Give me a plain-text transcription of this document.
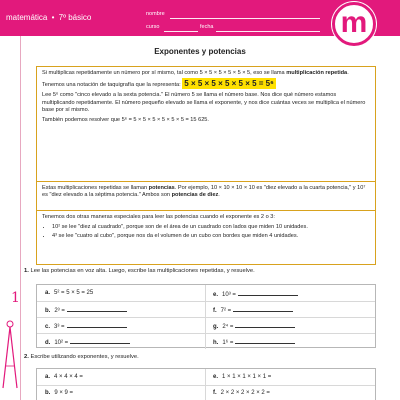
matemática • 7º básico	nombre
curso	fecha	m
Exponentes y potencias

Si multiplicas repetidamente un número por sí mismo, tal como 5 × 5 × 5 × 5 × 5 × 5, eso se llama multiplicación repetida.

Tenemos una notación de taquigrafía que la representa: 5 × 5 × 5 × 5 × 5 × 5 = 5⁶

Lee 5⁶ como "cinco elevado a la sexta potencia." El número 5 se llama el número base. Nos dice qué número estamos multiplicando repetidamente. El número pequeño elevado se llama el exponente, y nos dice cuántas veces se multiplica el número base por sí mismo.

También podemos resolver que 5⁶ = 5 × 5 × 5 × 5 × 5 × 5 = 15 625.

Estas multiplicaciones repetidas se llaman potencias. Por ejemplo, 10 × 10 × 10 × 10 es "diez elevado a la cuarta potencia," y 10⁷ es "diez elevado a la séptima potencia." Ambos son potencias de diez.

Tenemos dos otras maneras especiales para leer las potencias cuando el exponente es 2 o 3:

• 10² se lee "diez al cuadrado", porque son de el área de un cuadrado con lados que miden 10 unidades.
• 4³ se lee "cuatro al cubo", porque nos da el volumen de un cubo con bordes que miden 4 unidades.
1. Lee las potencias en voz alta. Luego, escribe las multiplicaciones repetidas, y resuelve.
a. 5² = 5 × 5 = 25	e. 10³ =
b. 2³ =	f. 7² =
c. 3³ =	g. 2⁴ =
d. 10² =	h. 1⁶ =
2. Escribe utilizando exponentes, y resuelve.
a. 4 × 4 × 4 =	e. 1 × 1 × 1 × 1 × 1 =
b. 9 × 9 =	f. 2 × 2 × 2 × 2 × 2 =
1
